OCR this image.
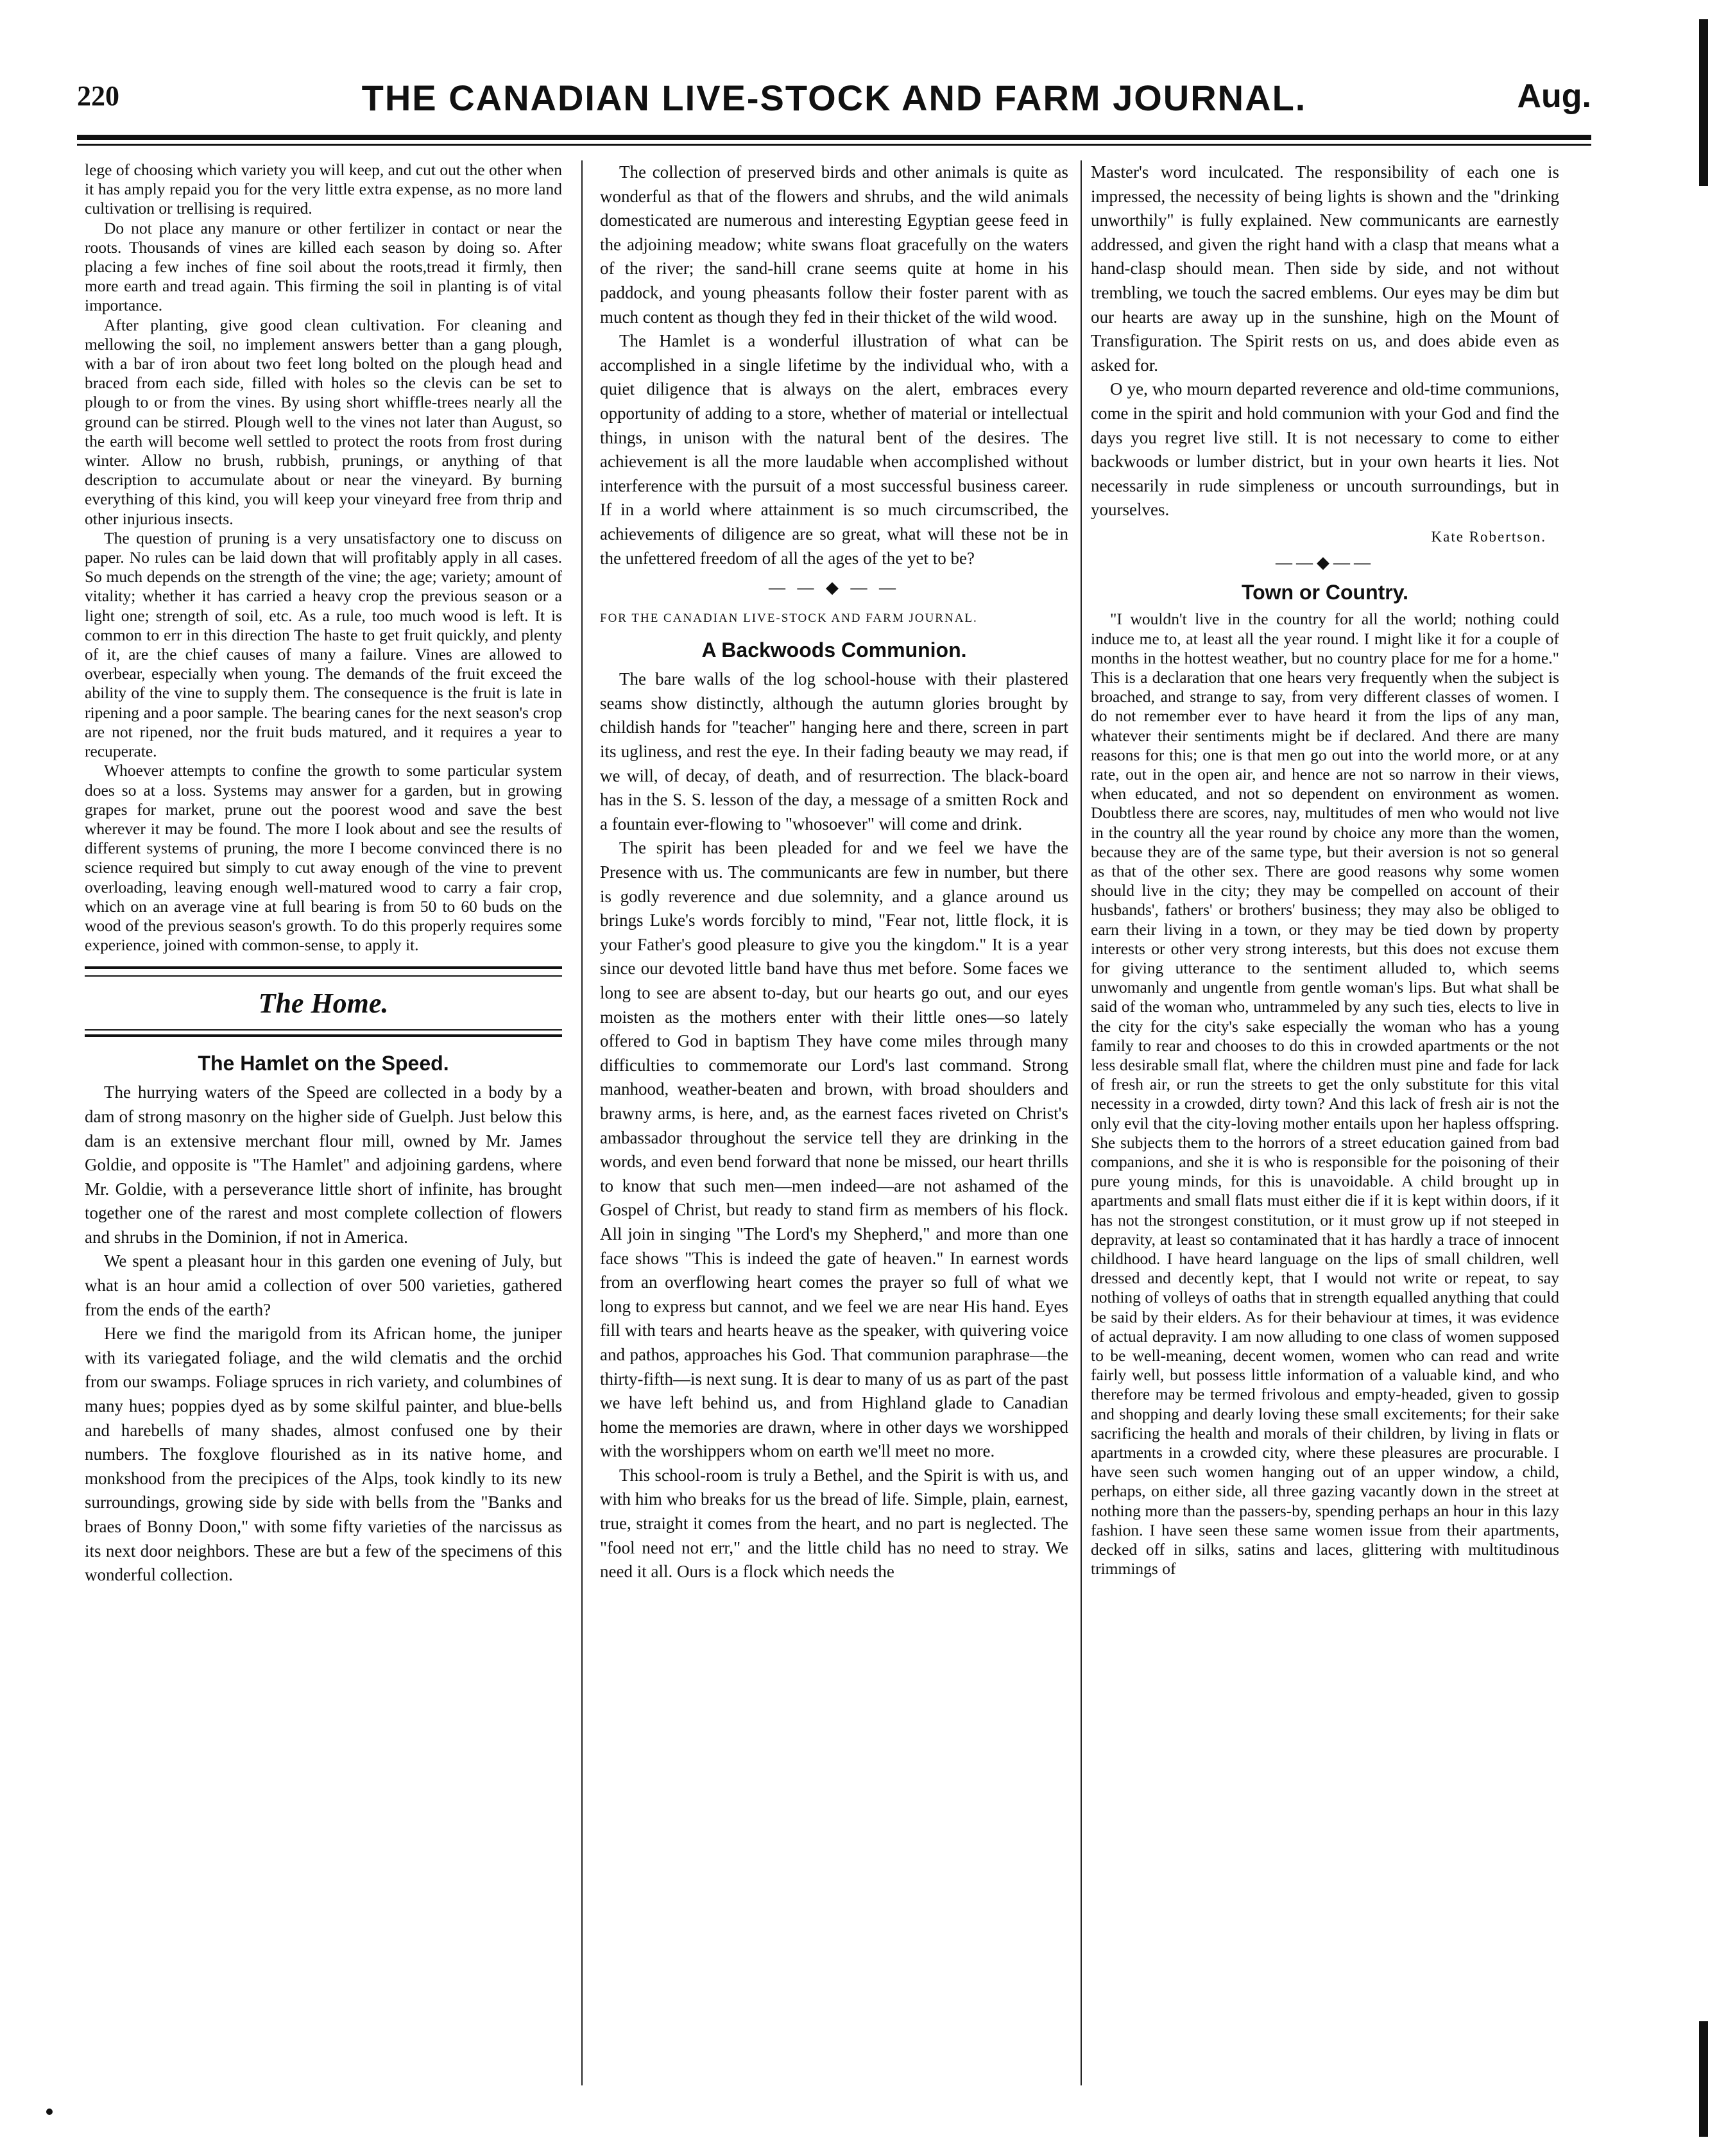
220	THE CANADIAN LIVE-STOCK AND FARM JOURNAL.	Aug.

lege of choosing which variety you will keep, and cut out the other when it has amply repaid you for the very little extra expense, as no more land cultivation or trellising is required.

Do not place any manure or other fertilizer in contact or near the roots. Thousands of vines are killed each season by doing so. After placing a few inches of fine soil about the roots,tread it firmly, then more earth and tread again. This firming the soil in planting is of vital importance.

After planting, give good clean cultivation. For cleaning and mellowing the soil, no implement answers better than a gang plough, with a bar of iron about two feet long bolted on the plough head and braced from each side, filled with holes so the clevis can be set to plough to or from the vines. By using short whiffle-trees nearly all the ground can be stirred. Plough well to the vines not later than August, so the earth will become well settled to protect the roots from frost during winter. Allow no brush, rubbish, prunings, or anything of that description to accumulate about or near the vineyard. By burning everything of this kind, you will keep your vineyard free from thrip and other injurious insects.

The question of pruning is a very unsatisfactory one to discuss on paper. No rules can be laid down that will profitably apply in all cases. So much depends on the strength of the vine; the age; variety; amount of vitality; whether it has carried a heavy crop the previous season or a light one; strength of soil, etc. As a rule, too much wood is left. It is common to err in this direction The haste to get fruit quickly, and plenty of it, are the chief causes of many a failure. Vines are allowed to overbear, especially when young. The demands of the fruit exceed the ability of the vine to supply them. The consequence is the fruit is late in ripening and a poor sample. The bearing canes for the next season's crop are not ripened, nor the fruit buds matured, and it requires a year to recuperate.

Whoever attempts to confine the growth to some particular system does so at a loss. Systems may answer for a garden, but in growing grapes for market, prune out the poorest wood and save the best wherever it may be found. The more I look about and see the results of different systems of pruning, the more I become convinced there is no science required but simply to cut away enough of the vine to prevent overloading, leaving enough well-matured wood to carry a fair crop, which on an average vine at full bearing is from 50 to 60 buds on the wood of the previous season's growth. To do this properly requires some experience, joined with common-sense, to apply it.

The Home.
The Hamlet on the Speed.

The hurrying waters of the Speed are collected in a body by a dam of strong masonry on the higher side of Guelph. Just below this dam is an extensive merchant flour mill, owned by Mr. James Goldie, and opposite is "The Hamlet" and adjoining gardens, where Mr. Goldie, with a perseverance little short of infinite, has brought together one of the rarest and most complete collection of flowers and shrubs in the Dominion, if not in America.

We spent a pleasant hour in this garden one evening of July, but what is an hour amid a collection of over 500 varieties, gathered from the ends of the earth?

Here we find the marigold from its African home, the juniper with its variegated foliage, and the wild clematis and the orchid from our swamps. Foliage spruces in rich variety, and columbines of many hues; poppies dyed as by some skilful painter, and blue-bells and harebells of many shades, almost confused one by their numbers. The foxglove flourished as in its native home, and monkshood from the precipices of the Alps, took kindly to its new surroundings, growing side by side with bells from the "Banks and braes of Bonny Doon," with some fifty varieties of the narcissus as its next door neighbors. These are but a few of the specimens of this wonderful collection.

The collection of preserved birds and other animals is quite as wonderful as that of the flowers and shrubs, and the wild animals domesticated are numerous and interesting Egyptian geese feed in the adjoining meadow; white swans float gracefully on the waters of the river; the sand-hill crane seems quite at home in his paddock, and young pheasants follow their foster parent with as much content as though they fed in their thicket of the wild wood.

The Hamlet is a wonderful illustration of what can be accomplished in a single lifetime by the individual who, with a quiet diligence that is always on the alert, embraces every opportunity of adding to a store, whether of material or intellectual things, in unison with the natural bent of the desires. The achievement is all the more laudable when accomplished without interference with the pursuit of a most successful business career. If in a world where attainment is so much circumscribed, the achievements of diligence are so great, what will these not be in the unfettered freedom of all the ages of the yet to be?

— — ◆ — —
FOR THE CANADIAN LIVE-STOCK AND FARM JOURNAL.
A Backwoods Communion.

The bare walls of the log school-house with their plastered seams show distinctly, although the autumn glories brought by childish hands for "teacher" hanging here and there, screen in part its ugliness, and rest the eye. In their fading beauty we may read, if we will, of decay, of death, and of resurrection. The black-board has in the S. S. lesson of the day, a message of a smitten Rock and a fountain ever-flowing to "whosoever" will come and drink.

The spirit has been pleaded for and we feel we have the Presence with us. The communicants are few in number, but there is godly reverence and due solemnity, and a glance around us brings Luke's words forcibly to mind, "Fear not, little flock, it is your Father's good pleasure to give you the kingdom." It is a year since our devoted little band have thus met before. Some faces we long to see are absent to-day, but our hearts go out, and our eyes moisten as the mothers enter with their little ones—so lately offered to God in baptism They have come miles through many difficulties to commemorate our Lord's last command. Strong manhood, weather-beaten and brown, with broad shoulders and brawny arms, is here, and, as the earnest faces riveted on Christ's ambassador throughout the service tell they are drinking in the words, and even bend forward that none be missed, our heart thrills to know that such men—men indeed—are not ashamed of the Gospel of Christ, but ready to stand firm as members of his flock. All join in singing "The Lord's my Shepherd," and more than one face shows "This is indeed the gate of heaven." In earnest words from an overflowing heart comes the prayer so full of what we long to express but cannot, and we feel we are near His hand. Eyes fill with tears and hearts heave as the speaker, with quivering voice and pathos, approaches his God. That communion paraphrase—the thirty-fifth—is next sung. It is dear to many of us as part of the past we have left behind us, and from Highland glade to Canadian home the memories are drawn, where in other days we worshipped with the worshippers whom on earth we'll meet no more.

This school-room is truly a Bethel, and the Spirit is with us, and with him who breaks for us the bread of life. Simple, plain, earnest, true, straight it comes from the heart, and no part is neglected. The "fool need not err," and the little child has no need to stray. We need it all. Ours is a flock which needs the

Master's word inculcated. The responsibility of each one is impressed, the necessity of being lights is shown and the "drinking unworthily" is fully explained. New communicants are earnestly addressed, and given the right hand with a clasp that means what a hand-clasp should mean. Then side by side, and not without trembling, we touch the sacred emblems. Our eyes may be dim but our hearts are away up in the sunshine, high on the Mount of Transfiguration. The Spirit rests on us, and does abide even as asked for.

O ye, who mourn departed reverence and old-time communions, come in the spirit and hold communion with your God and find the days you regret live still. It is not necessary to come to either backwoods or lumber district, but in your own hearts it lies. Not necessarily in rude simpleness or uncouth surroundings, but in yourselves.

Kate Robertson.
——◆——
Town or Country.

"I wouldn't live in the country for all the world; nothing could induce me to, at least all the year round. I might like it for a couple of months in the hottest weather, but no country place for me for a home." This is a declaration that one hears very frequently when the subject is broached, and strange to say, from very different classes of women. I do not remember ever to have heard it from the lips of any man, whatever their sentiments might be if declared. And there are many reasons for this; one is that men go out into the world more, or at any rate, out in the open air, and hence are not so narrow in their views, when educated, and not so dependent on environment as women. Doubtless there are scores, nay, multitudes of men who would not live in the country all the year round by choice any more than the women, because they are of the same type, but their aversion is not so general as that of the other sex. There are good reasons why some women should live in the city; they may be compelled on account of their husbands', fathers' or brothers' business; they may also be obliged to earn their living in a town, or they may be tied down by property interests or other very strong interests, but this does not excuse them for giving utterance to the sentiment alluded to, which seems unwomanly and ungentle from gentle woman's lips. But what shall be said of the woman who, untrammeled by any such ties, elects to live in the city for the city's sake especially the woman who has a young family to rear and chooses to do this in crowded apartments or the not less desirable small flat, where the children must pine and fade for lack of fresh air, or run the streets to get the only substitute for this vital necessity in a crowded, dirty town? And this lack of fresh air is not the only evil that the city-loving mother entails upon her hapless offspring. She subjects them to the horrors of a street education gained from bad companions, and she it is who is responsible for the poisoning of their pure young minds, for this is unavoidable. A child brought up in apartments and small flats must either die if it is kept within doors, if it has not the strongest constitution, or it must grow up if not steeped in depravity, at least so contaminated that it has hardly a trace of innocent childhood. I have heard language on the lips of small children, well dressed and decently kept, that I would not write or repeat, to say nothing of volleys of oaths that in strength equalled anything that could be said by their elders. As for their behaviour at times, it was evidence of actual depravity. I am now alluding to one class of women supposed to be well-meaning, decent women, women who can read and write fairly well, but possess little information of a valuable kind, and who therefore may be termed frivolous and empty-headed, given to gossip and shopping and dearly loving these small excitements; for their sake sacrificing the health and morals of their children, by living in flats or apartments in a crowded city, where these pleasures are procurable. I have seen such women hanging out of an upper window, a child, perhaps, on either side, all three gazing vacantly down in the street at nothing more than the passers-by, spending perhaps an hour in this lazy fashion. I have seen these same women issue from their apartments, decked off in silks, satins and laces, glittering with multitudinous trimmings of
